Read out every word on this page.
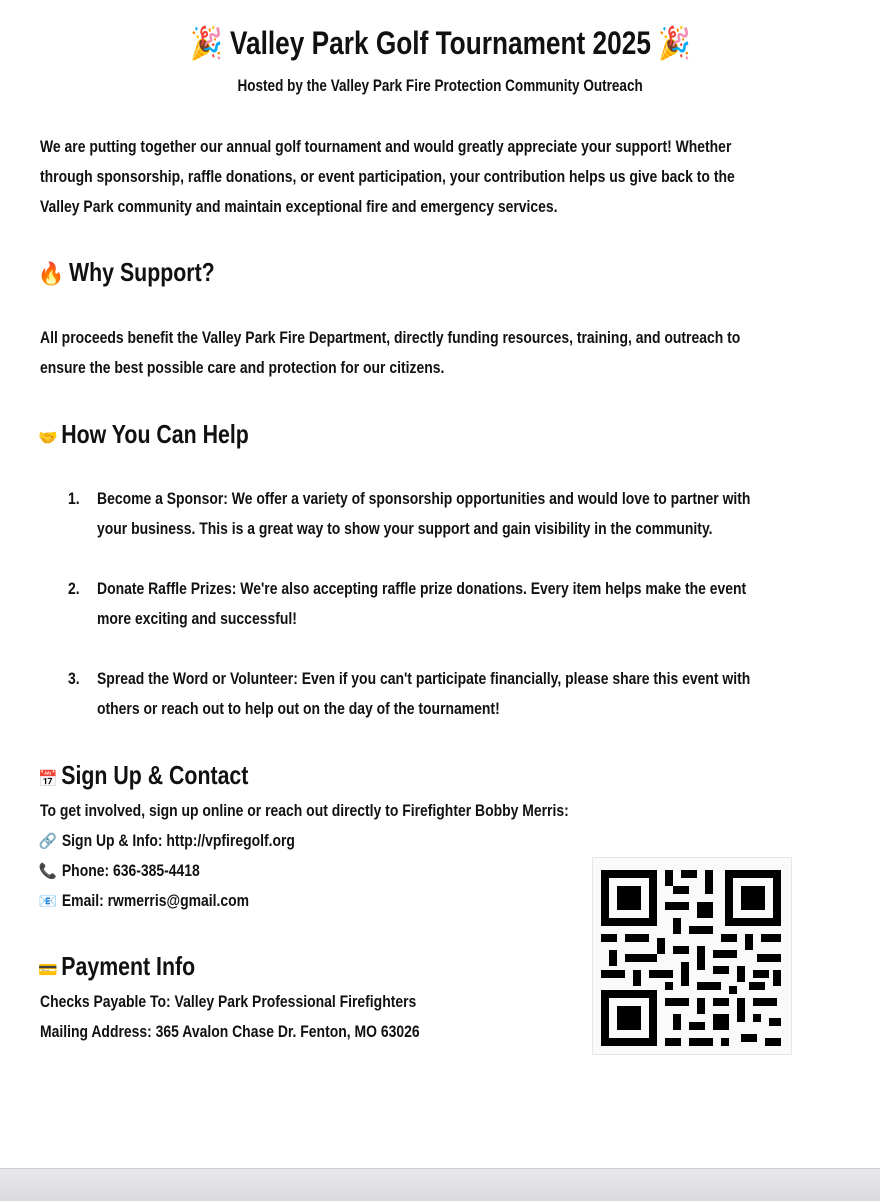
🎉 Valley Park Golf Tournament 2025 🎉
Hosted by the Valley Park Fire Protection Community Outreach
We are putting together our annual golf tournament and would greatly appreciate your support! Whether
through sponsorship, raffle donations, or event participation, your contribution helps us give back to the
Valley Park community and maintain exceptional fire and emergency services.
🔥 Why Support?
All proceeds benefit the Valley Park Fire Department, directly funding resources, training, and outreach to
ensure the best possible care and protection for our citizens.
🤝 How You Can Help
1. Become a Sponsor: We offer a variety of sponsorship opportunities and would love to partner with
your business. This is a great way to show your support and gain visibility in the community.
2. Donate Raffle Prizes: We're also accepting raffle prize donations. Every item helps make the event
more exciting and successful!
3. Spread the Word or Volunteer: Even if you can't participate financially, please share this event with
others or reach out to help out on the day of the tournament!
📅 Sign Up & Contact
To get involved, sign up online or reach out directly to Firefighter Bobby Merris:
🔗 Sign Up & Info: http://vpfiregolf.org
📞 Phone: 636-385-4418
📧 Email: rwmerris@gmail.com
💳 Payment Info
Checks Payable To: Valley Park Professional Firefighters
Mailing Address: 365 Avalon Chase Dr. Fenton, MO 63026
